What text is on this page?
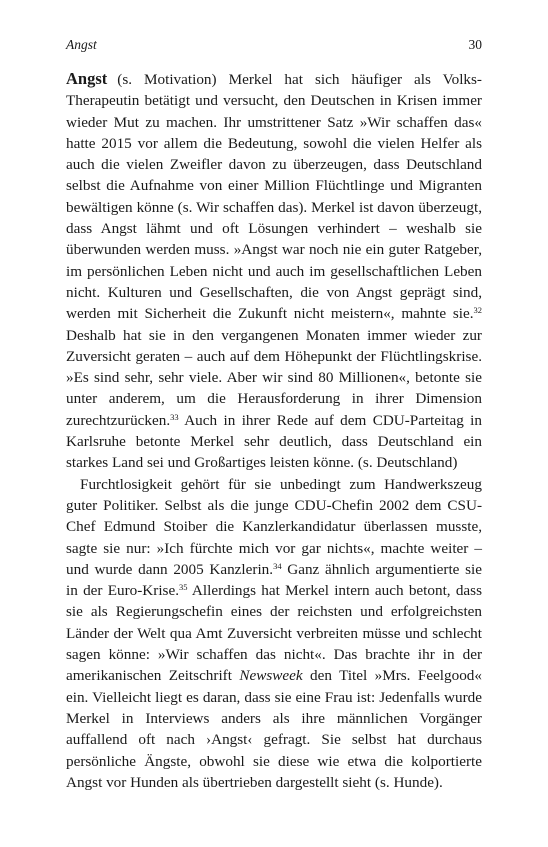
Angst	30

Angst (s. Motivation) Merkel hat sich häufiger als Volks-Therapeutin betätigt und versucht, den Deutschen in Krisen immer wieder Mut zu machen. Ihr umstrittener Satz »Wir schaffen das« hatte 2015 vor allem die Bedeutung, sowohl die vielen Helfer als auch die vielen Zweifler davon zu überzeugen, dass Deutschland selbst die Aufnahme von einer Million Flüchtlinge und Migranten bewältigen könne (s. Wir schaffen das). Merkel ist davon überzeugt, dass Angst lähmt und oft Lösungen verhindert – weshalb sie überwunden werden muss. »Angst war noch nie ein guter Ratgeber, im persönlichen Leben nicht und auch im gesellschaftlichen Leben nicht. Kulturen und Gesellschaften, die von Angst geprägt sind, werden mit Sicherheit die Zukunft nicht meistern«, mahnte sie.$^{32}$ Deshalb hat sie in den vergangenen Monaten immer wieder zur Zuversicht geraten – auch auf dem Höhepunkt der Flüchtlingskrise. »Es sind sehr, sehr viele. Aber wir sind 80 Millionen«, betonte sie unter anderem, um die Herausforderung in ihrer Dimension zurechtzurücken.$^{33}$ Auch in ihrer Rede auf dem CDU-Parteitag in Karlsruhe betonte Merkel sehr deutlich, dass Deutschland ein starkes Land sei und Großartiges leisten könne. (s. Deutschland)

Furchtlosigkeit gehört für sie unbedingt zum Handwerkszeug guter Politiker. Selbst als die junge CDU-Chefin 2002 dem CSU-Chef Edmund Stoiber die Kanzlerkandidatur überlassen musste, sagte sie nur: »Ich fürchte mich vor gar nichts«, machte weiter – und wurde dann 2005 Kanzlerin.$^{34}$ Ganz ähnlich argumentierte sie in der Euro-Krise.$^{35}$ Allerdings hat Merkel intern auch betont, dass sie als Regierungschefin eines der reichsten und erfolgreichsten Länder der Welt qua Amt Zuversicht verbreiten müsse und schlecht sagen könne: »Wir schaffen das nicht«. Das brachte ihr in der amerikanischen Zeitschrift Newsweek den Titel »Mrs. Feelgood« ein. Vielleicht liegt es daran, dass sie eine Frau ist: Jedenfalls wurde Merkel in Interviews anders als ihre männlichen Vorgänger auffallend oft nach ›Angst‹ gefragt. Sie selbst hat durchaus persönliche Ängste, obwohl sie diese wie etwa die kolportierte Angst vor Hunden als übertrieben dargestellt sieht (s. Hunde).
